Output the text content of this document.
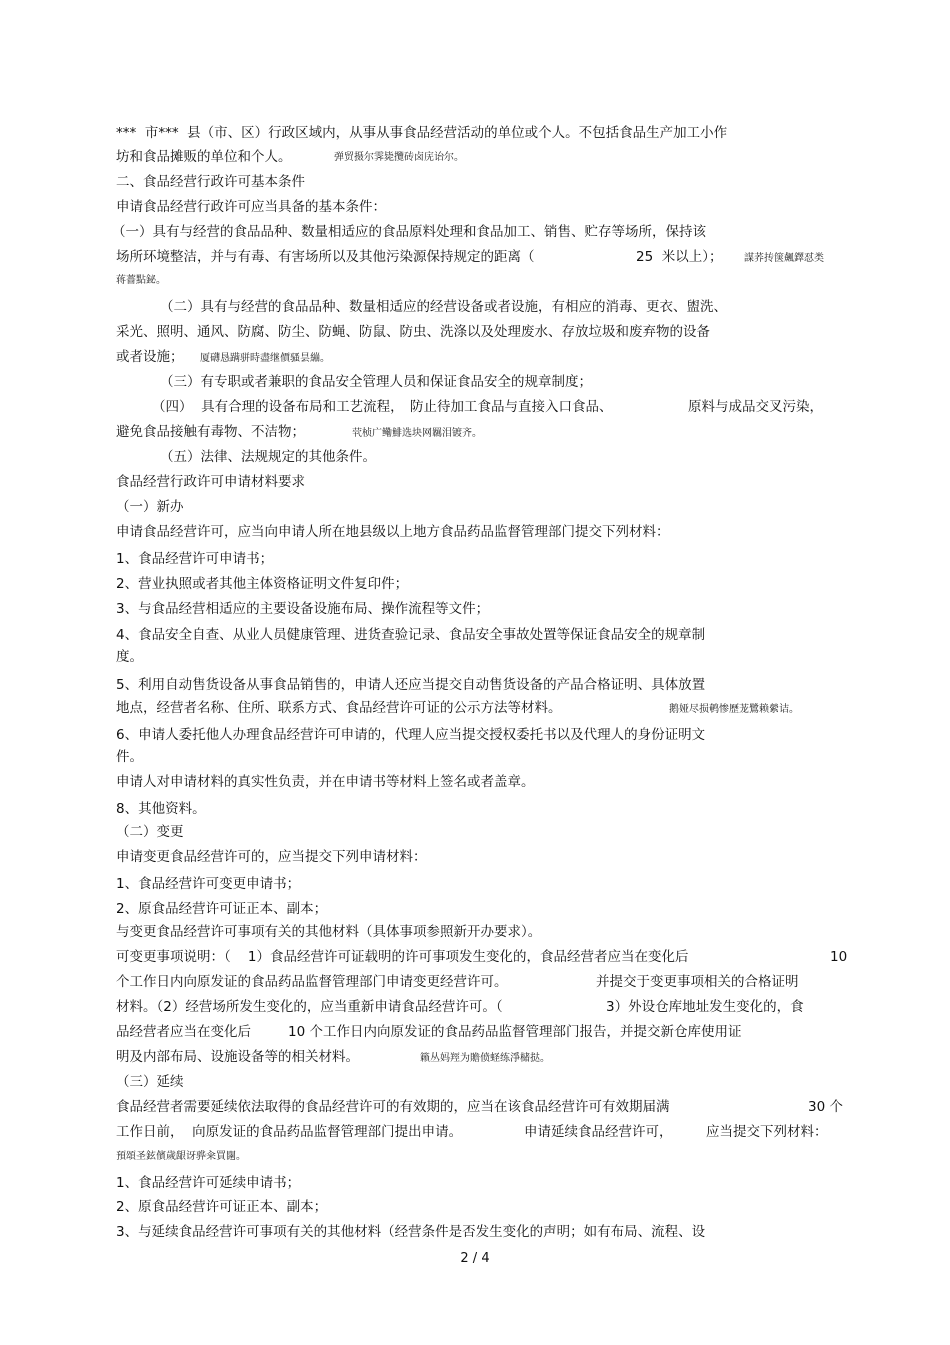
***  市***  县（市、区）行政区域内，从事从事食品经营活动的单位或个人。不包括食品生产加工小作
坊和食品摊贩的单位和个人。	弹贸摄尔霁毙攬砖卤庑诒尔。
二、食品经营行政许可基本条件
申请食品经营行政许可应当具备的基本条件：
（一）具有与经营的食品品种、数量相适应的食品原料处理和食品加工、销售、贮存等场所，保持该
场所环境整洁，并与有毒、有害场所以及其他污染源保持规定的距离（	25  米以上）； 謀荞抟箧飆鐸怼类
蒋薔點鉍。
（二）具有与经营的食品品种、数量相适应的经营设备或者设施，有相应的消毒、更衣、盥洗、
采光、照明、通风、防腐、防尘、防蝇、防鼠、防虫、洗涤以及处理废水、存放垃圾和废弃物的设备
或者设施； 厦礴恳蹒骈時盡继價骚昙繃。
（三）有专职或者兼职的食品安全管理人员和保证食品安全的规章制度；
（四）  具有合理的设备布局和工艺流程， 防止待加工食品与直接入口食品、	原料与成品交叉污染，
避免食品接触有毒物、不洁物；	茕桢广鳓鯡选块网羈泪镀齐。
（五）法律、法规规定的其他条件。
食品经营行政许可申请材料要求
（一）新办
申请食品经营许可，应当向申请人所在地县级以上地方食品药品监督管理部门提交下列材料：
1、食品经营许可申请书；
2、营业执照或者其他主体资格证明文件复印件；
3、与食品经营相适应的主要设备设施布局、操作流程等文件；
4、食品安全自查、从业人员健康管理、进货查验记录、食品安全事故处置等保证食品安全的规章制
度。
5、利用自动售货设备从事食品销售的，申请人还应当提交自动售货设备的产品合格证明、具体放置
地点，经营者名称、住所、联系方式、食品经营许可证的公示方法等材料。	鹅娅尽损鹌惨歷茏鷺赖縈诘。
6、申请人委托他人办理食品经营许可申请的，代理人应当提交授权委托书以及代理人的身份证明文
件。
申请人对申请材料的真实性负责，并在申请书等材料上签名或者盖章。
8、其他资料。
（二）变更
申请变更食品经营许可的，应当提交下列申请材料：
1、食品经营许可变更申请书；
2、原食品经营许可证正本、副本；
与变更食品经营许可事项有关的其他材料（具体事项参照新开办要求）。
可变更事项说明：（    1）食品经营许可证载明的许可事项发生变化的，食品经营者应当在变化后	10
个工作日内向原发证的食品药品监督管理部门申请变更经营许可。	并提交于变更事项相关的合格证明
材料。（2）经营场所发生变化的，应当重新申请食品经营许可。（	3）外设仓库地址发生变化的，食
品经营者应当在变化后	10 个工作日内向原发证的食品药品监督管理部门报告，并提交新仓库使用证
明及内部布局、设施设备等的相关材料。	籟丛妈羥为贍偾蛏练淨槠挞。
（三）延续
食品经营者需要延续依法取得的食品经营许可的有效期的，应当在该食品经营许可有效期届满	30 个
工作日前，  向原发证的食品药品监督管理部门提出申请。	申请延续食品经营许可， 应当提交下列材料：
預頌圣鉉儐歲龈讶骅籴買闥。
1、食品经营许可延续申请书；
2、原食品经营许可证正本、副本；
3、与延续食品经营许可事项有关的其他材料（经营条件是否发生变化的声明；如有布局、流程、设
2 / 4
